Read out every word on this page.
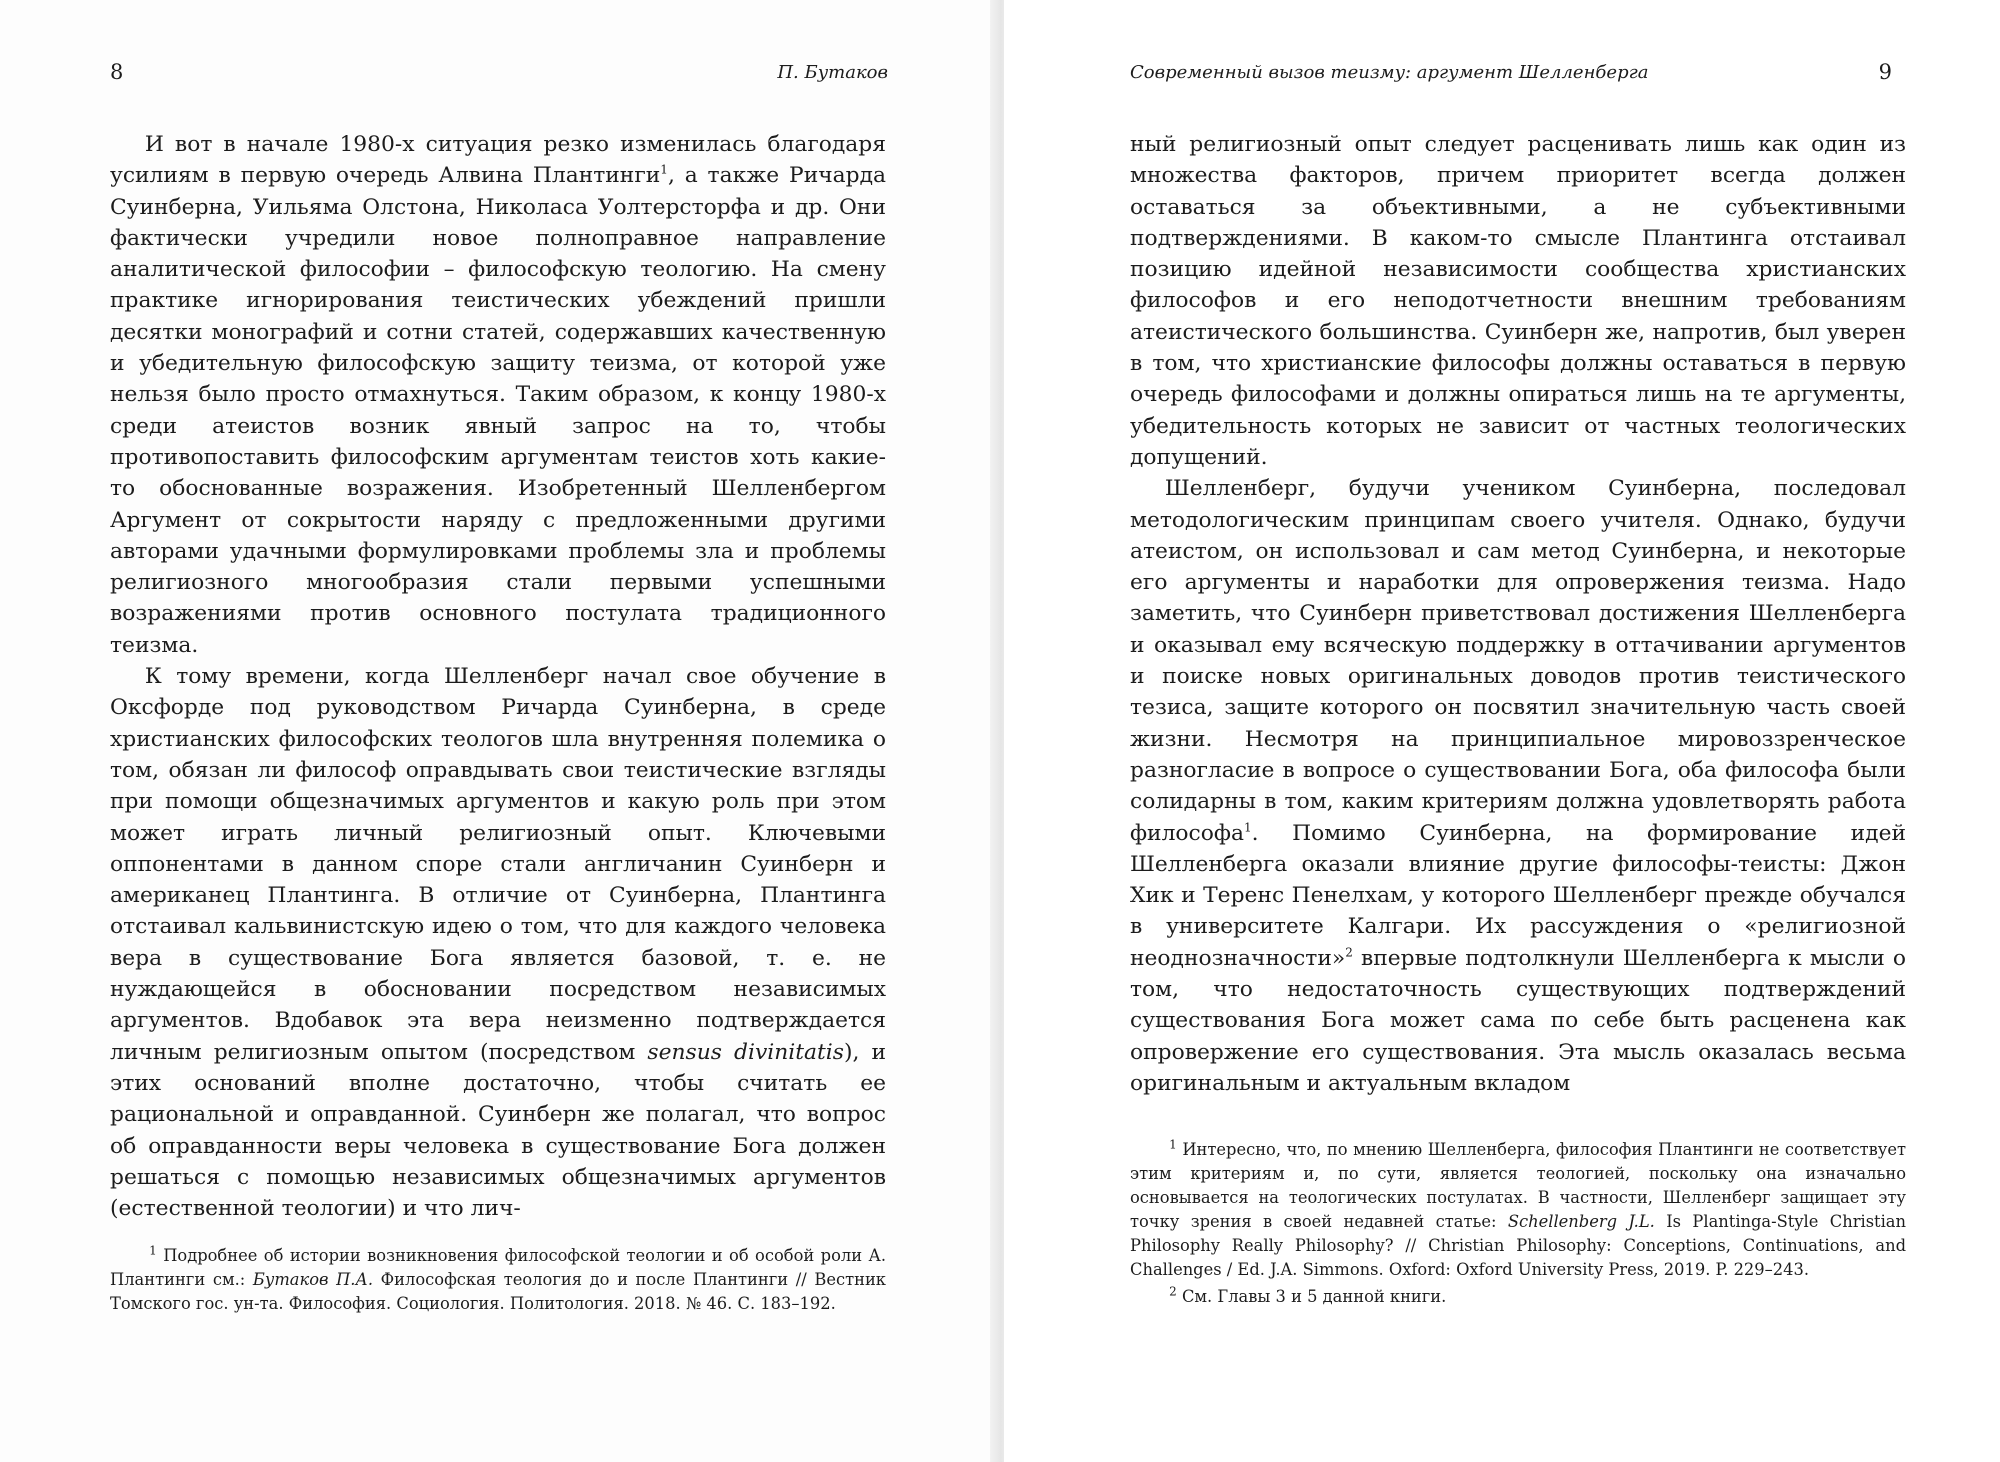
8	П. Бутаков

И вот в начале 1980-х ситуация резко изменилась благодаря усилиям в первую очередь Алвина Плантинги$^1$, а также Ричарда Суинберна, Уильяма Олстона, Николаса Уолтерсторфа и др. Они фактически учредили новое полноправное направление аналитической философии – философскую теологию. На смену практике игнорирования теистических убеждений пришли десятки монографий и сотни статей, содержавших качественную и убедительную философскую защиту теизма, от которой уже нельзя было просто отмахнуться. Таким образом, к концу 1980-х среди атеистов возник явный запрос на то, чтобы противопоставить философским аргументам теистов хоть какие-то обоснованные возражения. Изобретенный Шелленбергом Аргумент от сокрытости наряду с предложенными другими авторами удачными формулировками проблемы зла и проблемы религиозного многообразия стали первыми успешными возражениями против основного постулата традиционного теизма.

К тому времени, когда Шелленберг начал свое обучение в Оксфорде под руководством Ричарда Суинберна, в среде христианских философских теологов шла внутренняя полемика о том, обязан ли философ оправдывать свои теистические взгляды при помощи общезначимых аргументов и какую роль при этом может играть личный религиозный опыт. Ключевыми оппонентами в данном споре стали англичанин Суинберн и американец Плантинга. В отличие от Суинберна, Плантинга отстаивал кальвинистскую идею о том, что для каждого человека вера в существование Бога является базовой, т. е. не нуждающейся в обосновании посредством независимых аргументов. Вдобавок эта вера неизменно подтверждается личным религиозным опытом (посредством sensus divinitatis), и этих оснований вполне достаточно, чтобы считать ее рациональной и оправданной. Суинберн же полагал, что вопрос об оправданности веры человека в существование Бога должен решаться с помощью независимых общезначимых аргументов (естественной теологии) и что лич-

$^1$ Подробнее об истории возникновения философской теологии и об особой роли А. Плантинги см.: Бутаков П.А. Философская теология до и после Плантинги // Вестник Томского гос. ун-та. Философия. Социология. Политология. 2018. № 46. С. 183–192.

Современный вызов теизму: аргумент Шелленберга	9

ный религиозный опыт следует расценивать лишь как один из множества факторов, причем приоритет всегда должен оставаться за объективными, а не субъективными подтверждениями. В каком-то смысле Плантинга отстаивал позицию идейной независимости сообщества христианских философов и его неподотчетности внешним требованиям атеистического большинства. Суинберн же, напротив, был уверен в том, что христианские философы должны оставаться в первую очередь философами и должны опираться лишь на те аргументы, убедительность которых не зависит от частных теологических допущений.

Шелленберг, будучи учеником Суинберна, последовал методологическим принципам своего учителя. Однако, будучи атеистом, он использовал и сам метод Суинберна, и некоторые его аргументы и наработки для опровержения теизма. Надо заметить, что Суинберн приветствовал достижения Шелленберга и оказывал ему всяческую поддержку в оттачивании аргументов и поиске новых оригинальных доводов против теистического тезиса, защите которого он посвятил значительную часть своей жизни. Несмотря на принципиальное мировоззренческое разногласие в вопросе о существовании Бога, оба философа были солидарны в том, каким критериям должна удовлетворять работа философа$^1$. Помимо Суинберна, на формирование идей Шелленберга оказали влияние другие философы-теисты: Джон Хик и Теренс Пенелхам, у которого Шелленберг прежде обучался в университете Калгари. Их рассуждения о «религиозной неоднозначности»$^2$ впервые подтолкнули Шелленберга к мысли о том, что недостаточность существующих подтверждений существования Бога может сама по себе быть расценена как опровержение его существования. Эта мысль оказалась весьма оригинальным и актуальным вкладом

$^1$ Интересно, что, по мнению Шелленберга, философия Плантинги не соответствует этим критериям и, по сути, является теологией, поскольку она изначально основывается на теологических постулатах. В частности, Шелленберг защищает эту точку зрения в своей недавней статье: Schellenberg J.L. Is Plantinga-Style Christian Philosophy Really Philosophy? // Christian Philosophy: Conceptions, Continuations, and Challenges / Ed. J.A. Simmons. Oxford: Oxford University Press, 2019. P. 229–243.

$^2$ См. Главы 3 и 5 данной книги.
